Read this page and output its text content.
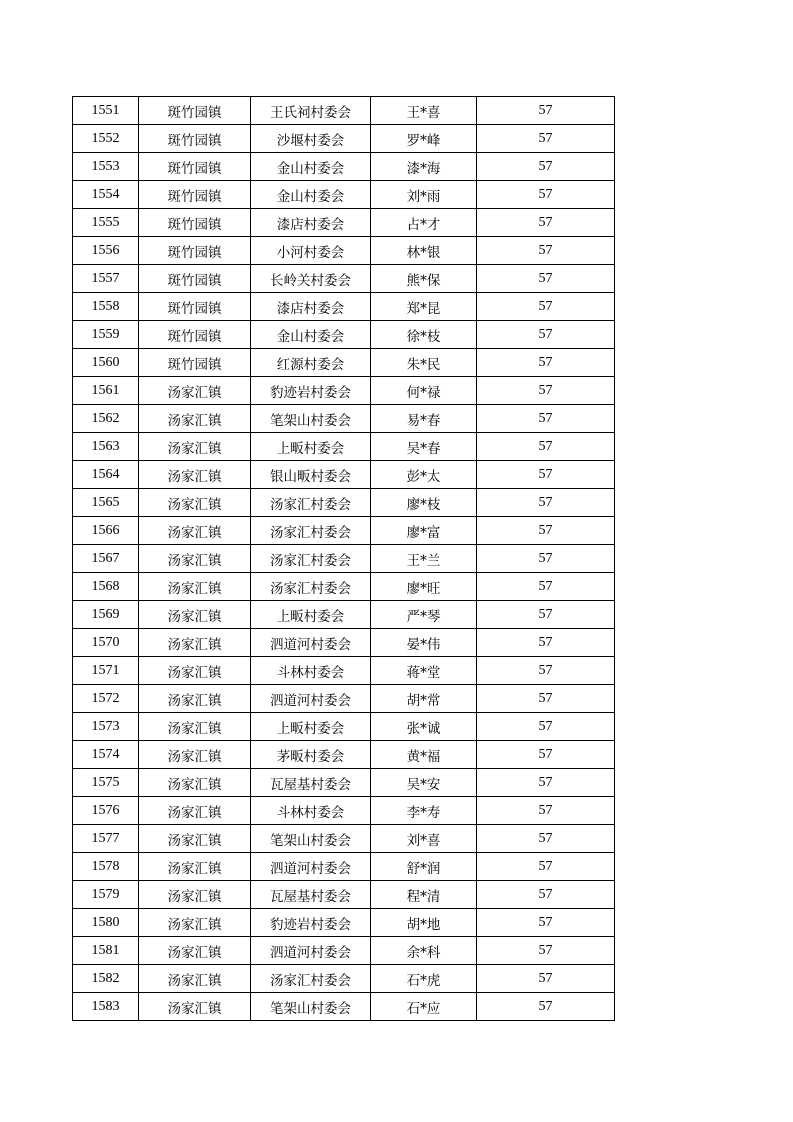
1551	斑竹园镇	王氏祠村委会	王*喜	57
1552	斑竹园镇	沙堰村委会	罗*峰	57
1553	斑竹园镇	金山村委会	漆*海	57
1554	斑竹园镇	金山村委会	刘*雨	57
1555	斑竹园镇	漆店村委会	占*才	57
1556	斑竹园镇	小河村委会	林*银	57
1557	斑竹园镇	长岭关村委会	熊*保	57
1558	斑竹园镇	漆店村委会	郑*昆	57
1559	斑竹园镇	金山村委会	徐*枝	57
1560	斑竹园镇	红源村委会	朱*民	57
1561	汤家汇镇	豹迹岩村委会	何*禄	57
1562	汤家汇镇	笔架山村委会	易*春	57
1563	汤家汇镇	上畈村委会	吴*春	57
1564	汤家汇镇	银山畈村委会	彭*太	57
1565	汤家汇镇	汤家汇村委会	廖*枝	57
1566	汤家汇镇	汤家汇村委会	廖*富	57
1567	汤家汇镇	汤家汇村委会	王*兰	57
1568	汤家汇镇	汤家汇村委会	廖*旺	57
1569	汤家汇镇	上畈村委会	严*琴	57
1570	汤家汇镇	泗道河村委会	晏*伟	57
1571	汤家汇镇	斗林村委会	蒋*堂	57
1572	汤家汇镇	泗道河村委会	胡*常	57
1573	汤家汇镇	上畈村委会	张*诚	57
1574	汤家汇镇	茅畈村委会	黄*福	57
1575	汤家汇镇	瓦屋基村委会	吴*安	57
1576	汤家汇镇	斗林村委会	李*寿	57
1577	汤家汇镇	笔架山村委会	刘*喜	57
1578	汤家汇镇	泗道河村委会	舒*润	57
1579	汤家汇镇	瓦屋基村委会	程*清	57
1580	汤家汇镇	豹迹岩村委会	胡*地	57
1581	汤家汇镇	泗道河村委会	余*科	57
1582	汤家汇镇	汤家汇村委会	石*虎	57
1583	汤家汇镇	笔架山村委会	石*应	57
